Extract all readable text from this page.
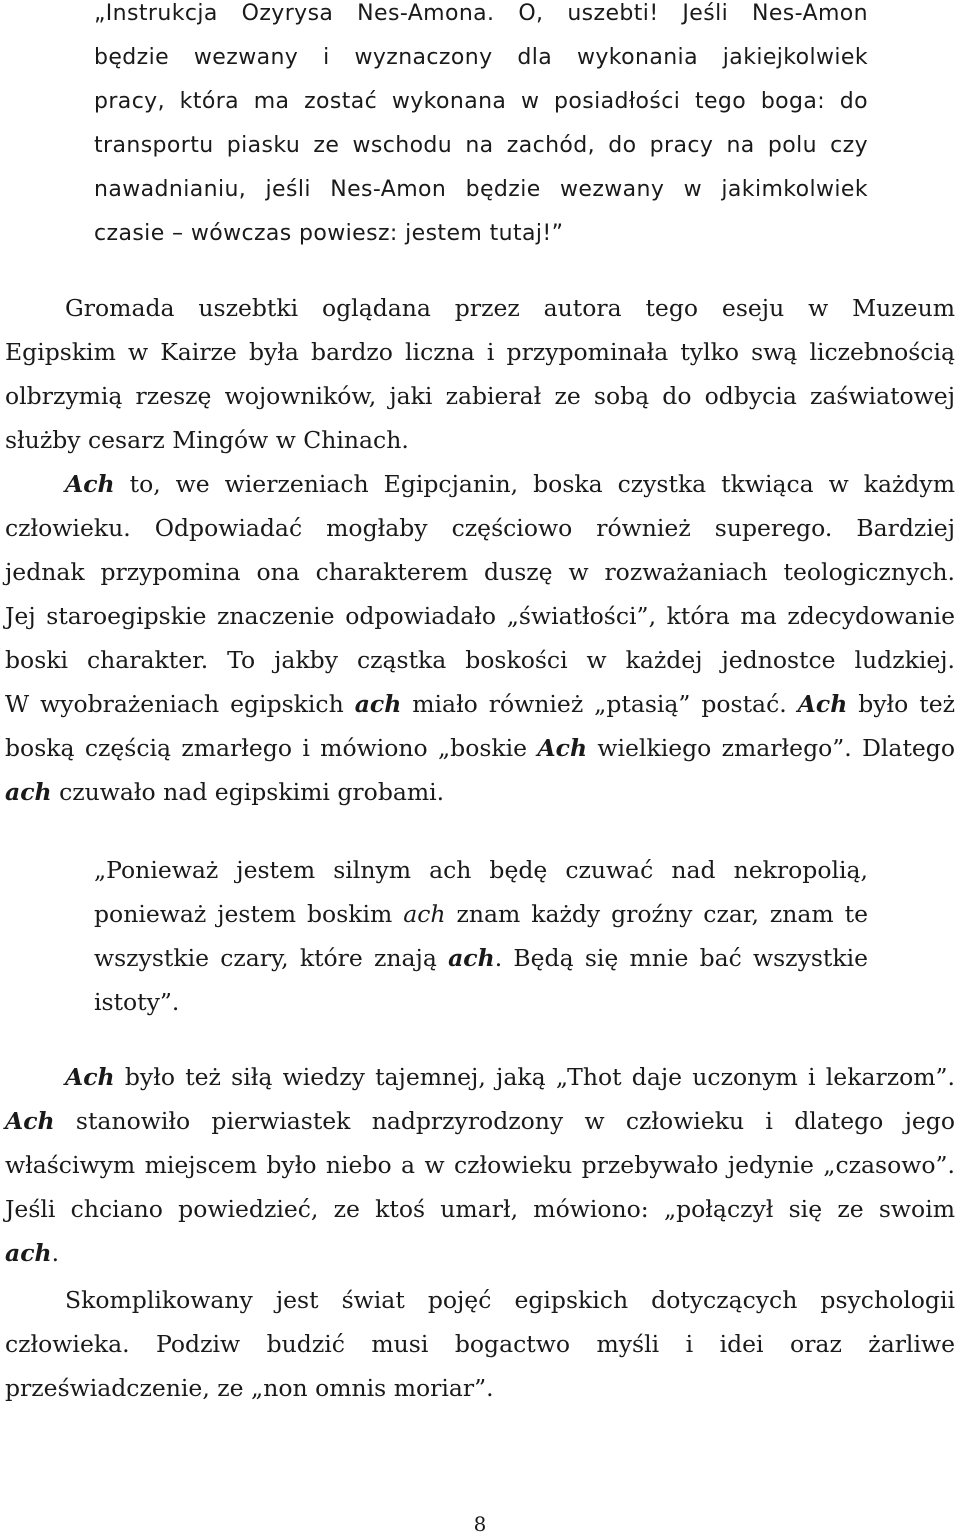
„Instrukcja Ozyrysa Nes-Amona. O, uszebti! Jeśli Nes-Amon
będzie wezwany i wyznaczony dla wykonania jakiejkolwiek
pracy, która ma zostać wykonana w posiadłości tego boga: do
transportu piasku ze wschodu na zachód, do pracy na polu czy
nawadnianiu, jeśli Nes-Amon będzie wezwany w jakimkolwiek
czasie – wówczas powiesz: jestem tutaj!”
Gromada uszebtki oglądana przez autora tego eseju w Muzeum
Egipskim w Kairze była bardzo liczna i przypominała tylko swą liczebnością
olbrzymią rzeszę wojowników, jaki zabierał ze sobą do odbycia zaświatowej
służby cesarz Mingów w Chinach.
Ach to, we wierzeniach Egipcjanin, boska czystka tkwiąca w każdym
człowieku. Odpowiadać mogłaby częściowo również superego. Bardziej
jednak przypomina ona charakterem duszę w rozważaniach teologicznych.
Jej staroegipskie znaczenie odpowiadało „światłości”, która ma zdecydowanie
boski charakter. To jakby cząstka boskości w każdej jednostce ludzkiej.
W wyobrażeniach egipskich ach miało również „ptasią” postać. Ach było też
boską częścią zmarłego i mówiono „boskie Ach wielkiego zmarłego”. Dlatego
ach czuwało nad egipskimi grobami.
„Ponieważ jestem silnym ach będę czuwać nad nekropolią,
ponieważ jestem boskim ach znam każdy groźny czar, znam te
wszystkie czary, które znają ach. Będą się mnie bać wszystkie
istoty”.
Ach było też siłą wiedzy tajemnej, jaką „Thot daje uczonym i lekarzom”.
Ach stanowiło pierwiastek nadprzyrodzony w człowieku i dlatego jego
właściwym miejscem było niebo a w człowieku przebywało jedynie „czasowo”.
Jeśli chciano powiedzieć, ze ktoś umarł, mówiono: „połączył się ze swoim
ach.
Skomplikowany jest świat pojęć egipskich dotyczących psychologii
człowieka. Podziw budzić musi bogactwo myśli i idei oraz żarliwe
przeświadczenie, ze „non omnis moriar”.
8
